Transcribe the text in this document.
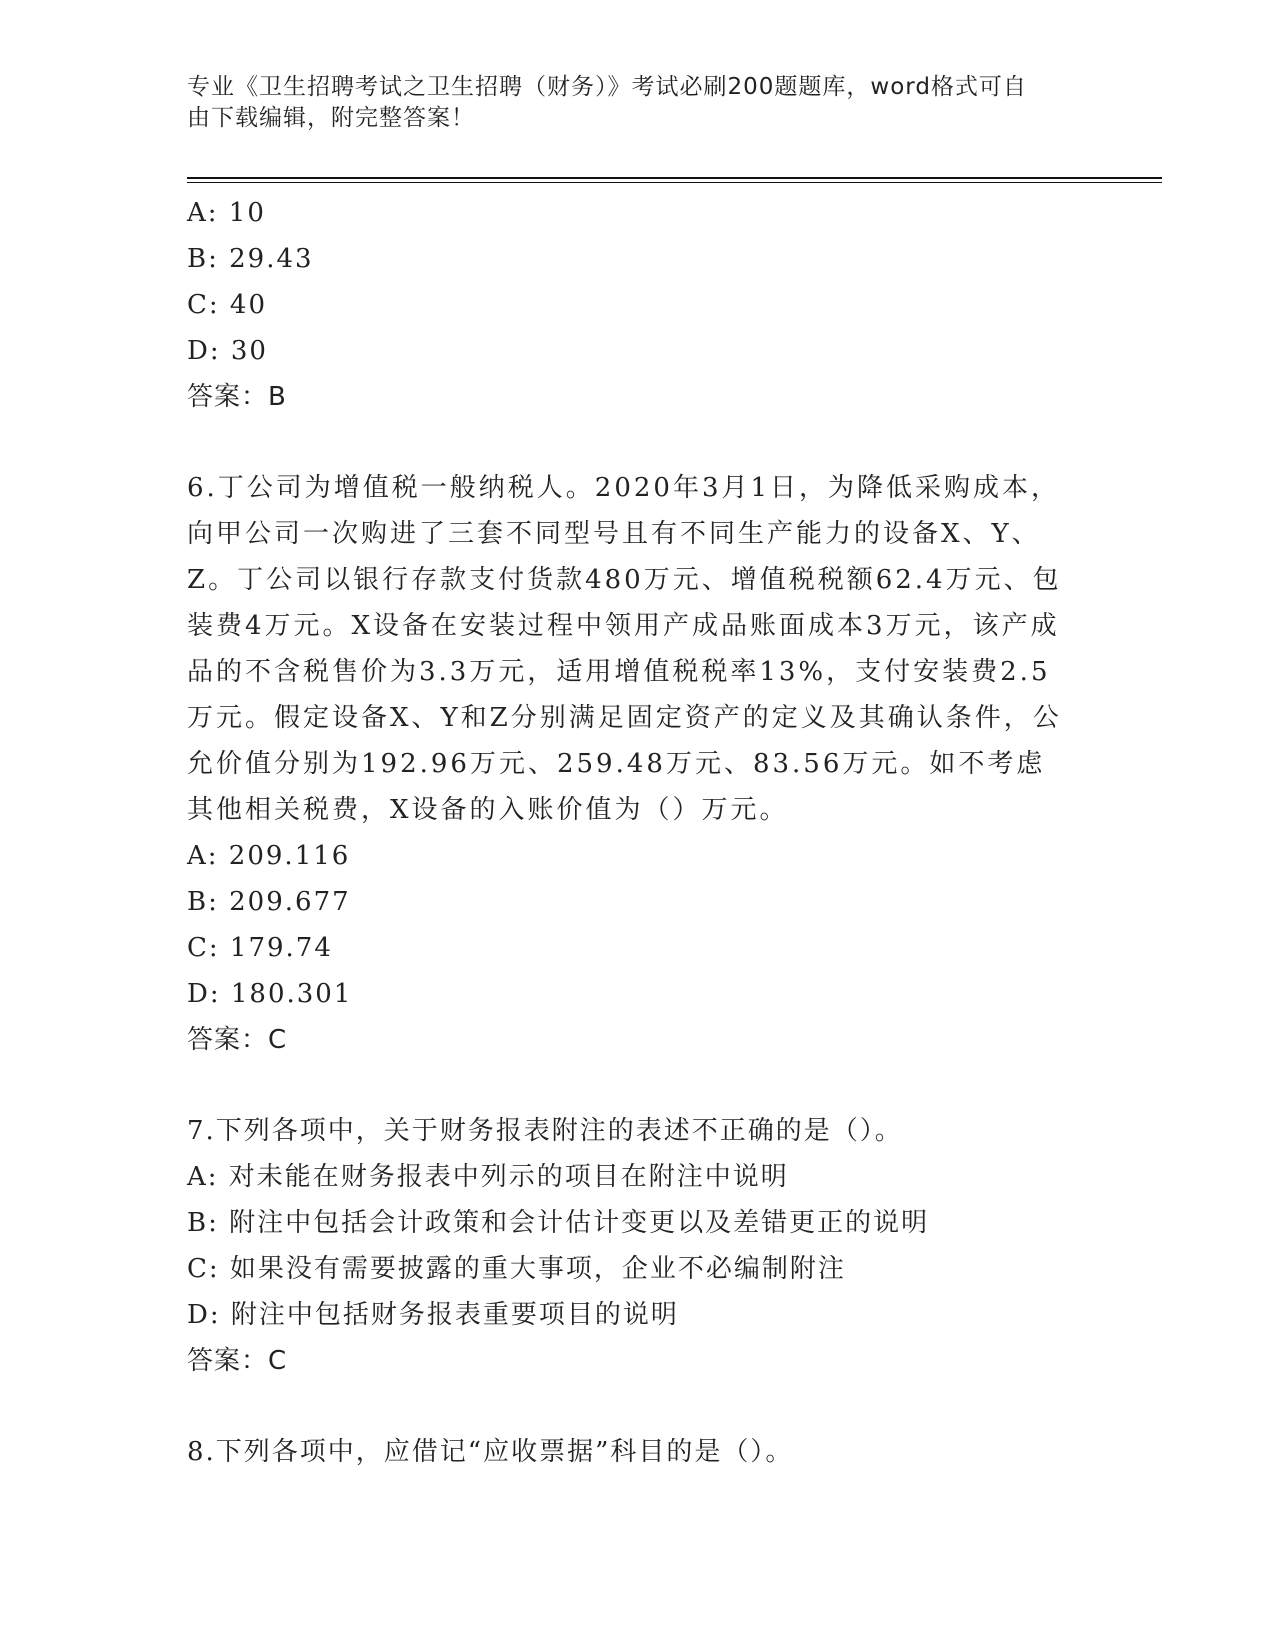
专业《卫生招聘考试之卫生招聘（财务）》考试必刷200题题库，word格式可自
由下载编辑，附完整答案！
A: 10
B: 29.43
C: 40
D: 30
答案：B
6.丁公司为增值税一般纳税人。2020年3月1日，为降低采购成本，向甲公司一次购进了三套不同型号且有不同生产能力的设备X、Y、Z。丁公司以银行存款支付货款480万元、增值税税额62.4万元、包装费4万元。X设备在安装过程中领用产成品账面成本3万元，该产成品的不含税售价为3.3万元，适用增值税税率13%，支付安装费2.5万元。假定设备X、Y和Z分别满足固定资产的定义及其确认条件，公允价值分别为192.96万元、259.48万元、83.56万元。如不考虑其他相关税费，X设备的入账价值为（）万元。
A: 209.116
B: 209.677
C: 179.74
D: 180.301
答案：C
7.下列各项中，关于财务报表附注的表述不正确的是（）。
A: 对未能在财务报表中列示的项目在附注中说明
B: 附注中包括会计政策和会计估计变更以及差错更正的说明
C: 如果没有需要披露的重大事项，企业不必编制附注
D: 附注中包括财务报表重要项目的说明
答案：C
8.下列各项中，应借记“应收票据”科目的是（）。
